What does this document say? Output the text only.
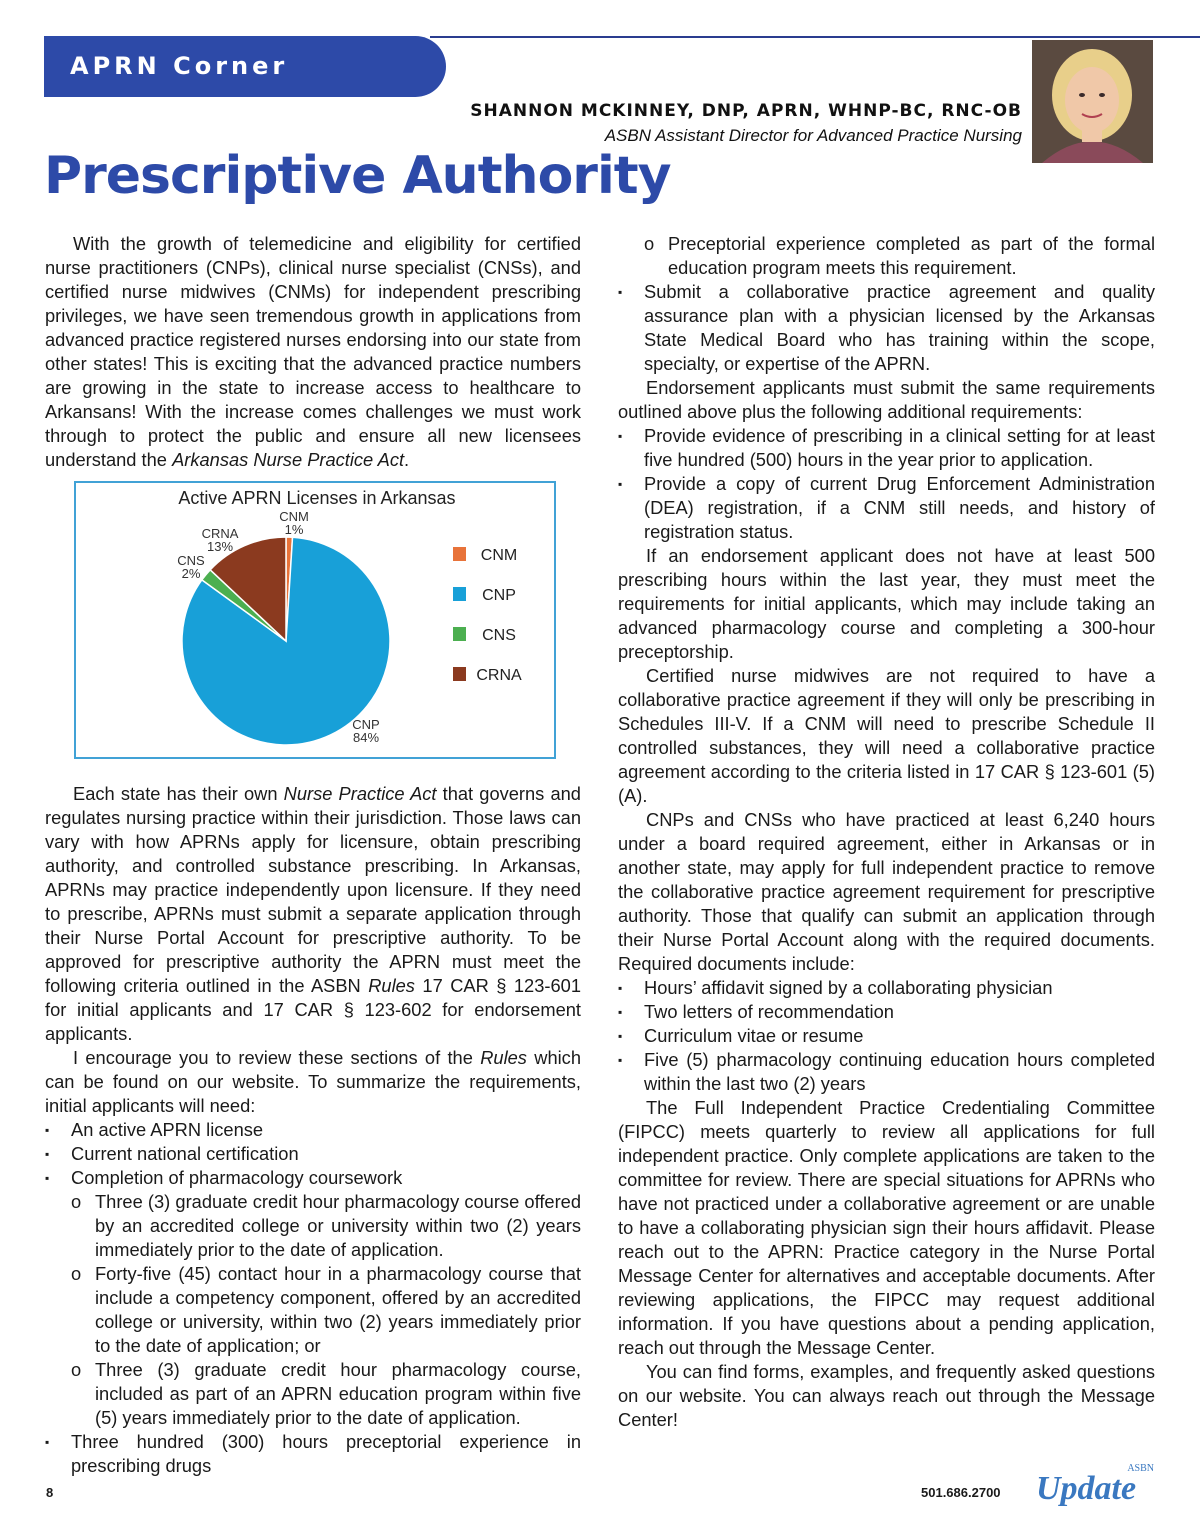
APRN Corner
SHANNON MCKINNEY, DNP, APRN, WHNP-BC, RNC-OB
ASBN Assistant Director for Advanced Practice Nursing
Prescriptive Authority

With the growth of telemedicine and eligibility for certified nurse practitioners (CNPs), clinical nurse specialist (CNSs), and certified nurse midwives (CNMs) for independent prescribing privileges, we have seen tremendous growth in applications from advanced practice registered nurses endorsing into our state from other states! This is exciting that the advanced practice numbers are growing in the state to increase access to healthcare to Arkansans! With the increase comes challenges we must work through to protect the public and ensure all new licensees understand the Arkansas Nurse Practice Act.

Active APRN Licenses in Arkansas
CNM
1%
CRNA
13%
CNS
2%
CNP
84%
CNM
CNP
CNS
CRNA

Each state has their own Nurse Practice Act that governs and regulates nursing practice within their jurisdiction. Those laws can vary with how APRNs apply for licensure, obtain prescribing authority, and controlled substance prescribing. In Arkansas, APRNs may practice independently upon licensure. If they need to prescribe, APRNs must submit a separate application through their Nurse Portal Account for prescriptive authority. To be approved for prescriptive authority the APRN must meet the following criteria outlined in the ASBN Rules 17 CAR § 123-601 for initial applicants and 17 CAR § 123-602 for endorsement applicants.

I encourage you to review these sections of the Rules which can be found on our website. To summarize the requirements, initial applicants will need:

▪ An active APRN license
▪ Current national certification
▪ Completion of pharmacology coursework
o Three (3) graduate credit hour pharmacology course offered by an accredited college or university within two (2) years immediately prior to the date of application.
o Forty-five (45) contact hour in a pharmacology course that include a competency component, offered by an accredited college or university, within two (2) years immediately prior to the date of application; or
o Three (3) graduate credit hour pharmacology course, included as part of an APRN education program within five (5) years immediately prior to the date of application.
▪ Three hundred (300) hours preceptorial experience in prescribing drugs
o Preceptorial experience completed as part of the formal education program meets this requirement.
▪ Submit a collaborative practice agreement and quality assurance plan with a physician licensed by the Arkansas State Medical Board who has training within the scope, specialty, or expertise of the APRN.

Endorsement applicants must submit the same requirements outlined above plus the following additional requirements:

▪ Provide evidence of prescribing in a clinical setting for at least five hundred (500) hours in the year prior to application.
▪ Provide a copy of current Drug Enforcement Administration (DEA) registration, if a CNM still needs, and history of registration status.

If an endorsement applicant does not have at least 500 prescribing hours within the last year, they must meet the requirements for initial applicants, which may include taking an advanced pharmacology course and completing a 300-hour preceptorship.

Certified nurse midwives are not required to have a collaborative practice agreement if they will only be prescribing in Schedules III-V. If a CNM will need to prescribe Schedule II controlled substances, they will need a collaborative practice agreement according to the criteria listed in 17 CAR § 123-601 (5)(A).

CNPs and CNSs who have practiced at least 6,240 hours under a board required agreement, either in Arkansas or in another state, may apply for full independent practice to remove the collaborative practice agreement requirement for prescriptive authority. Those that qualify can submit an application through their Nurse Portal Account along with the required documents. Required documents include:

▪ Hours’ affidavit signed by a collaborating physician
▪ Two letters of recommendation
▪ Curriculum vitae or resume
▪ Five (5) pharmacology continuing education hours completed within the last two (2) years

The Full Independent Practice Credentialing Committee (FIPCC) meets quarterly to review all applications for full independent practice. Only complete applications are taken to the committee for review. There are special situations for APRNs who have not practiced under a collaborative agreement or are unable to have a collaborating physician sign their hours affidavit. Please reach out to the APRN: Practice category in the Nurse Portal Message Center for alternatives and acceptable documents. After reviewing applications, the FIPCC may request additional information. If you have questions about a pending application, reach out through the Message Center.

You can find forms, examples, and frequently asked questions on our website. You can always reach out through the Message Center!

8	501.686.2700
ASBN
Update
